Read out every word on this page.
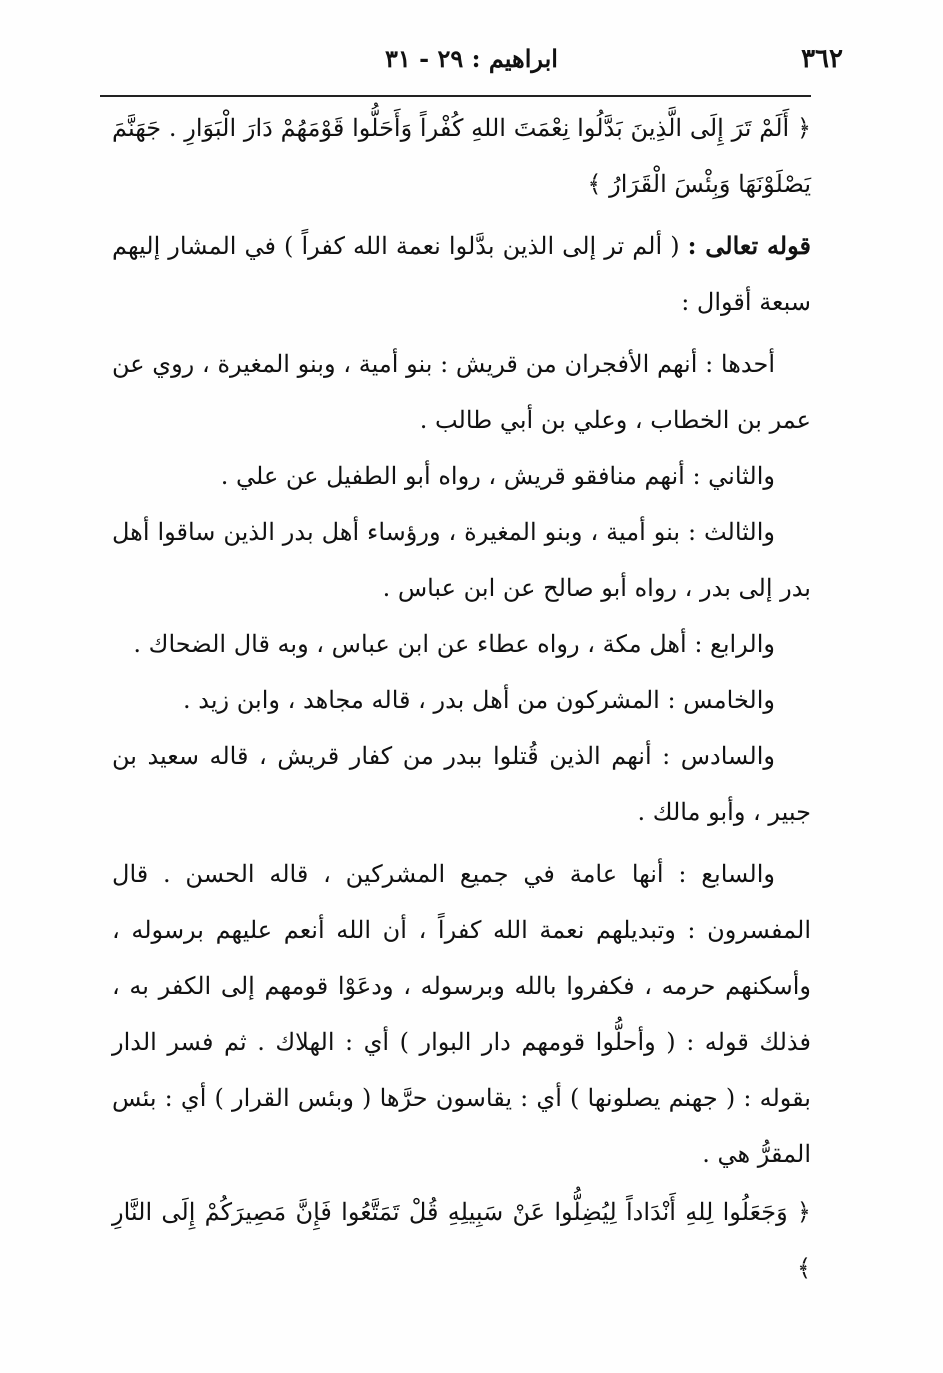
٣٦٢
ابراهيم : ٢٩ - ٣١

﴿ أَلَمْ تَرَ إِلَى الَّذِينَ بَدَّلُوا نِعْمَتَ اللهِ كُفْراً وَأَحَلُّوا قَوْمَهُمْ دَارَ الْبَوَارِ . جَهَنَّمَ يَصْلَوْنَهَا وَبِئْسَ الْقَرَارُ ﴾

قوله تعالى : ( ألم تر إلى الذين بدَّلوا نعمة الله كفراً ) في المشار إليهم سبعة أقوال :

أحدها : أنهم الأفجران من قريش : بنو أمية ، وبنو المغيرة ، روي عن عمر بن الخطاب ، وعلي بن أبي طالب .

والثاني : أنهم منافقو قريش ، رواه أبو الطفيل عن علي .

والثالث : بنو أمية ، وبنو المغيرة ، ورؤساء أهل بدر الذين ساقوا أهل بدر إلى بدر ، رواه أبو صالح عن ابن عباس .

والرابع : أهل مكة ، رواه عطاء عن ابن عباس ، وبه قال الضحاك .

والخامس : المشركون من أهل بدر ، قاله مجاهد ، وابن زيد .

والسادس : أنهم الذين قُتلوا ببدر من كفار قريش ، قاله سعيد بن جبير ، وأبو مالك .

والسابع : أنها عامة في جميع المشركين ، قاله الحسن . قال المفسرون : وتبديلهم نعمة الله كفراً ، أن الله أنعم عليهم برسوله ، وأسكنهم حرمه ، فكفروا بالله وبرسوله ، ودعَوْا قومهم إلى الكفر به ، فذلك قوله : ( وأحلُّوا قومهم دار البوار ) أي : الهلاك . ثم فسر الدار بقوله : ( جهنم يصلونها ) أي : يقاسون حرَّها ( وبئس القرار ) أي : بئس المقرُّ هي .

﴿ وَجَعَلُوا لِلهِ أَنْدَاداً لِيُضِلُّوا عَنْ سَبِيلِهِ قُلْ تَمَتَّعُوا فَإِنَّ مَصِيرَكُمْ إِلَى النَّارِ ﴾
